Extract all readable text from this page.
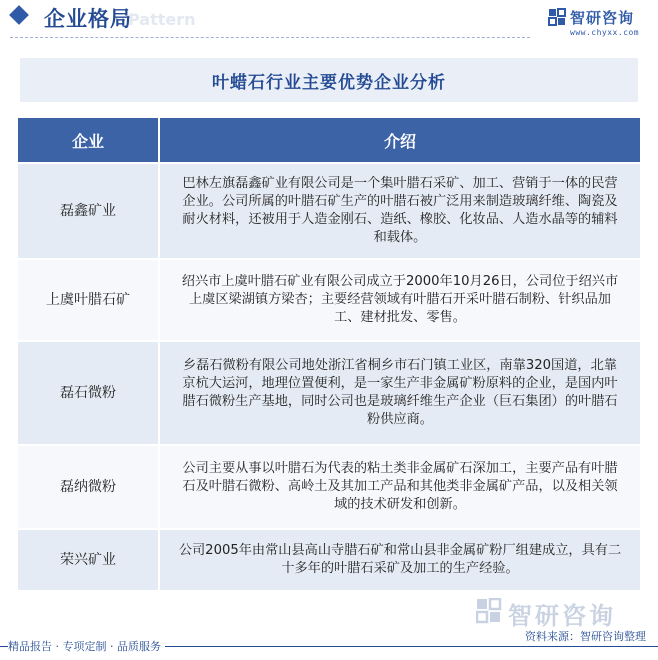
企业格局
Pattern	智研咨询
www.chyxx.com
叶蜡石行业主要优势企业分析
企业	介绍
磊鑫矿业
巴林左旗磊鑫矿业有限公司是一个集叶腊石采矿、加工、营销于一体的民营企业。公司所属的叶腊石矿生产的叶腊石被广泛用来制造玻璃纤维、陶瓷及耐火材料，还被用于人造金刚石、造纸、橡胶、化妆品、人造水晶等的辅料和载体。
上虞叶腊石矿
绍兴市上虞叶腊石矿业有限公司成立于2000年10月26日，公司位于绍兴市上虞区梁湖镇方梁杏；主要经营领域有叶腊石开采叶腊石制粉、针织品加工、建材批发、零售。
磊石微粉
乡磊石微粉有限公司地处浙江省桐乡市石门镇工业区，南靠320国道，北靠京杭大运河，地理位置便利，是一家生产非金属矿粉原料的企业，是国内叶腊石微粉生产基地，同时公司也是玻璃纤维生产企业（巨石集团）的叶腊石粉供应商。
磊纳微粉
公司主要从事以叶腊石为代表的粘土类非金属矿石深加工，主要产品有叶腊石及叶腊石微粉、高岭土及其加工产品和其他类非金属矿产品，以及相关领域的技术研发和创新。
荣兴矿业
公司2005年由常山县高山寺腊石矿和常山县非金属矿粉厂组建成立，具有二十多年的叶腊石采矿及加工的生产经验。
智研咨询
资料来源：智研咨询整理
精品报告 · 专项定制 · 品质服务
